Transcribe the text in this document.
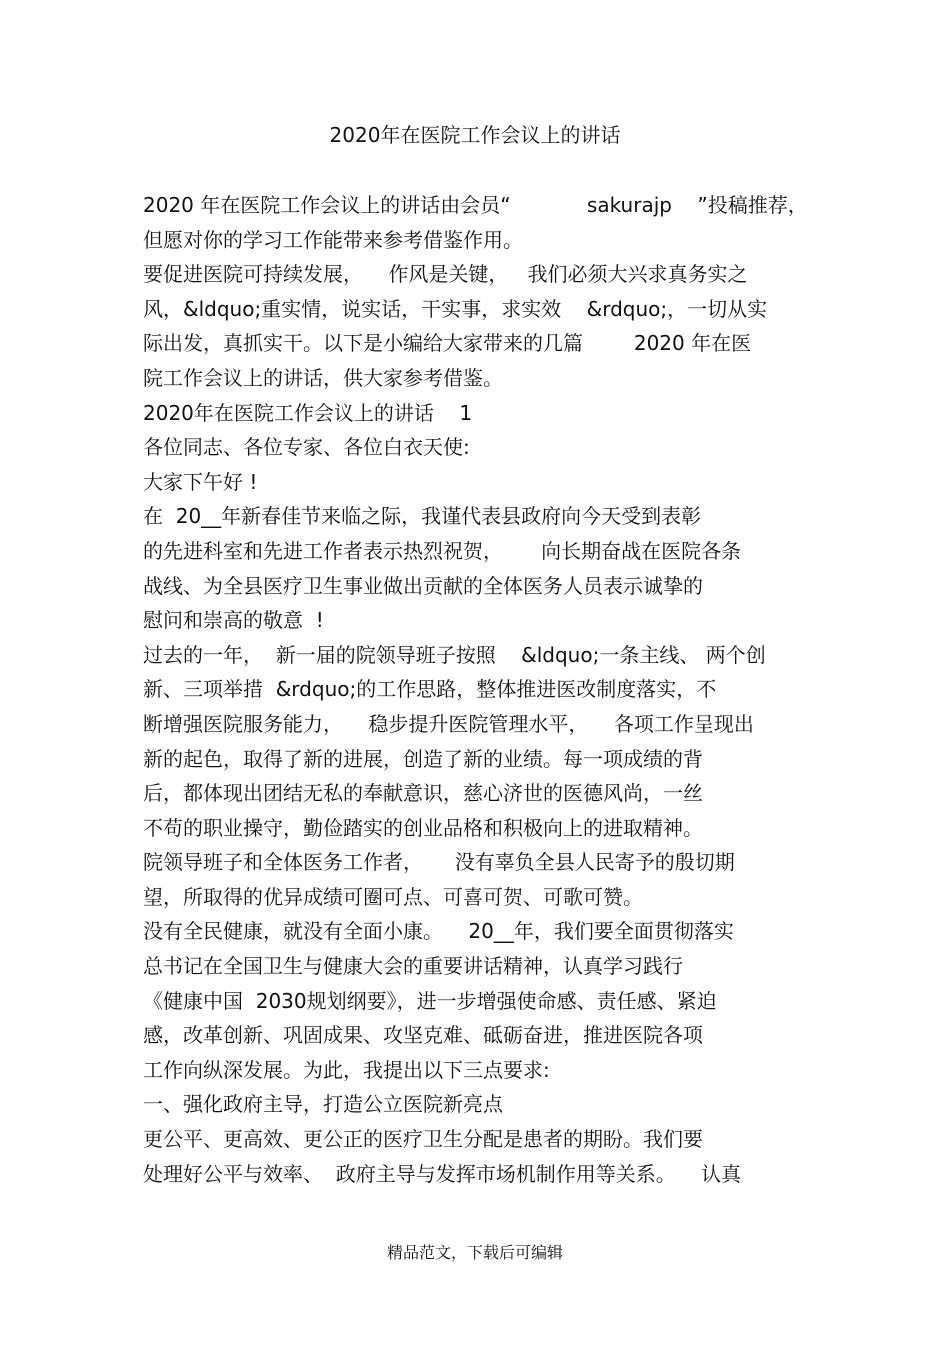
2020年在医院工作会议上的讲话
2020 年在医院工作会议上的讲话由会员“            sakurajp    ”投稿推荐，
但愿对你的学习工作能带来参考借鉴作用。
要促进医院可持续发展，    作风是关键，   我们必须大兴求真务实之
风，&ldquo;重实情，说实话，干实事，求实效    &rdquo;，一切从实
际出发，真抓实干。以下是小编给大家带来的几篇        2020 年在医
院工作会议上的讲话，供大家参考借鉴。
2020年在医院工作会议上的讲话    1
各位同志、各位专家、各位白衣天使:
大家下午好 !
在  20__年新春佳节来临之际，我谨代表县政府向今天受到表彰
的先进科室和先进工作者表示热烈祝贺，      向长期奋战在医院各条
战线、为全县医疗卫生事业做出贡献的全体医务人员表示诚挚的
慰问和崇高的敬意  !
过去的一年，  新一届的院领导班子按照    &ldquo;一条主线、 两个创
新、三项举措  &rdquo;的工作思路，整体推进医改制度落实，不
断增强医院服务能力，    稳步提升医院管理水平，    各项工作呈现出
新的起色，取得了新的进展，创造了新的业绩。每一项成绩的背
后，都体现出团结无私的奉献意识，慈心济世的医德风尚，一丝
不苟的职业操守，勤俭踏实的创业品格和积极向上的进取精神。
院领导班子和全体医务工作者，     没有辜负全县人民寄予的殷切期
望，所取得的优异成绩可圈可点、可喜可贺、可歌可赞。
没有全民健康，就没有全面小康。    20__年，我们要全面贯彻落实
总书记在全国卫生与健康大会的重要讲话精神，认真学习践行
《健康中国  2030规划纲要》，进一步增强使命感、责任感、紧迫
感，改革创新、巩固成果、攻坚克难、砥砺奋进，推进医院各项
工作向纵深发展。为此，我提出以下三点要求:
一、强化政府主导，打造公立医院新亮点
更公平、更高效、更公正的医疗卫生分配是患者的期盼。我们要
处理好公平与效率、  政府主导与发挥市场机制作用等关系。    认真
精品范文，下载后可编辑
